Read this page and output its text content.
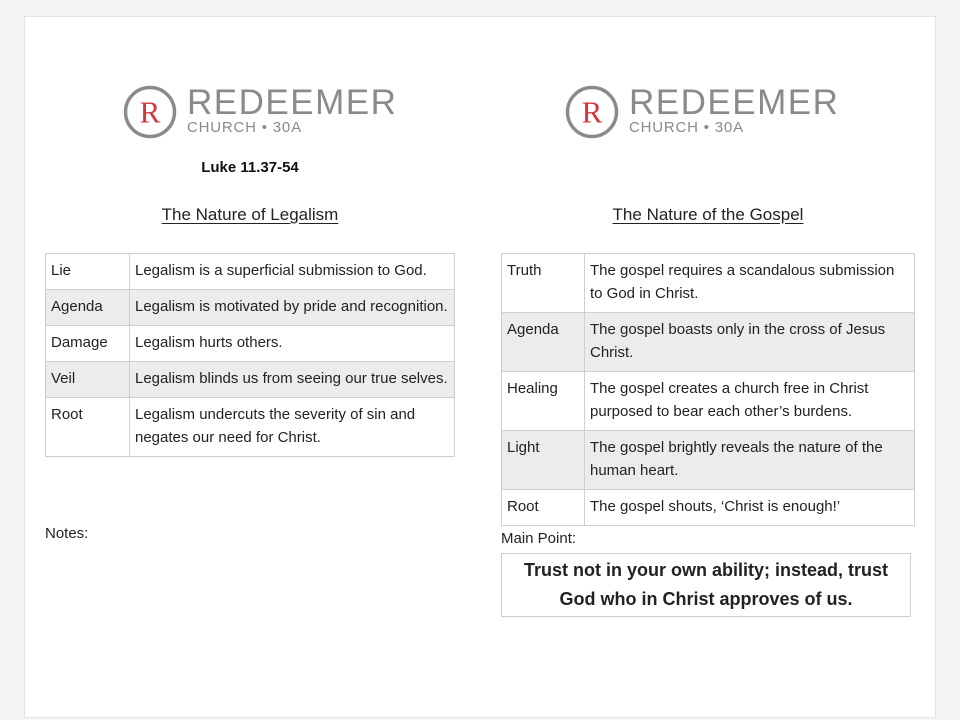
R REDEEMER
CHURCH • 30A
Luke 11.37-54
The Nature of Legalism
Lie	Legalism is a superficial submission to God.
Agenda	Legalism is motivated by pride and recognition.
Damage	Legalism hurts others.
Veil	Legalism blinds us from seeing our true selves.
Root	Legalism undercuts the severity of sin and negates our need for Christ.
Notes:
R REDEEMER
CHURCH • 30A
The Nature of the Gospel
Truth	The gospel requires a scandalous submission to God in Christ.
Agenda	The gospel boasts only in the cross of Jesus Christ.
Healing	The gospel creates a church free in Christ purposed to bear each other’s burdens.
Light	The gospel brightly reveals the nature of the human heart.
Root	The gospel shouts, ‘Christ is enough!’
Main Point:
Trust not in your own ability; instead, trust God who in Christ approves of us.
